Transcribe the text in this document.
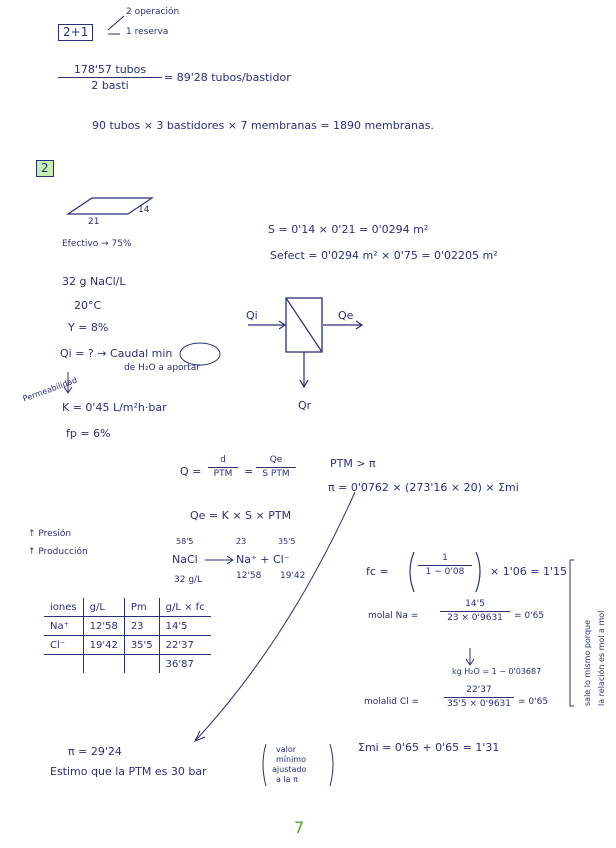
2+1
2 operación
1 reserva
178'57 tubos
2 basti
= 89'28 tubos/bastidor
90 tubos × 3 bastidores × 7 membranas = 1890 membranas.
2
21
14
Efectivo → 75%
S = 0'14 × 0'21 = 0'0294 m²
Sefect = 0'0294 m² × 0'75 = 0'02205 m²
32 g NaCl/L
20°C
Y = 8%
Qi = ? → Caudal min
de H₂O a aportar
Permeabilidad
K = 0'45 L/m²h·bar
fp = 6%
Qi	Qe
Qr
Q =
d
PTM	=
Qe
S PTM
PTM > π
π = 0'0762 × (273'16 × 20) × Σmi
Qe = K × S × PTM
↑ Presión
↑ Producción
58'5	23	35'5
NaCl	Na⁺ + Cl⁻
32 g/L	12'58 19'42	fc =
1
1 − 0'08	× 1'06 = 1'15
iones	g/L	Pm	g/L × fc
Na⁺	12'58	23	14'5
Cl⁻	19'42	35'5	22'37
			36'87
molal Na =
14'5
23 × 0'9631	= 0'65
kg H₂O = 1 − 0'03687
molalid Cl =
22'37
35'5 × 0'9631 = 0'65	sale lo mismo porque la relación es mol a mol
Σmi = 0'65 + 0'65 = 1'31
π = 29'24
Estimo que la PTM es 30 bar
valor
mínimo
ajustado
a la π
7
